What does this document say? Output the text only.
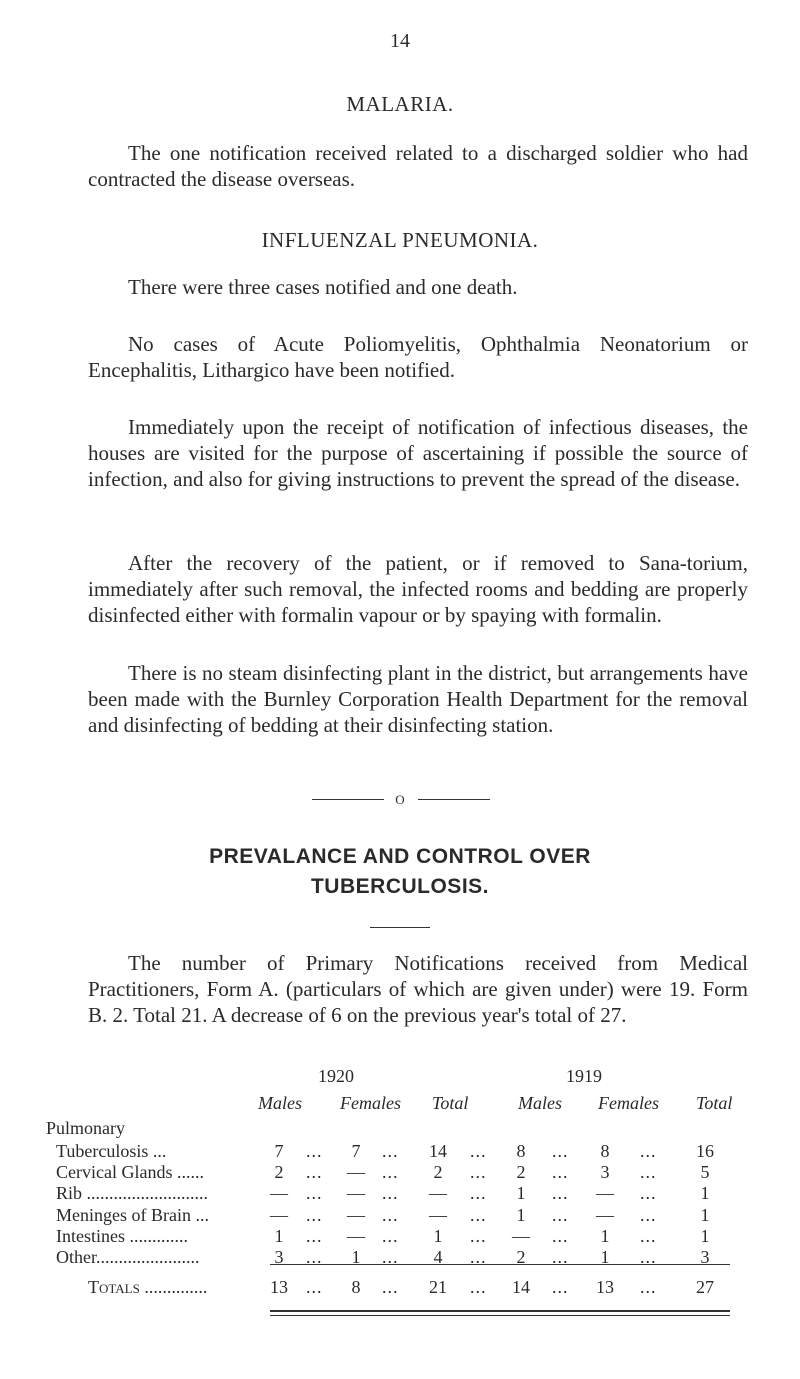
14
MALARIA.
The one notification received related to a discharged soldier who had contracted the disease overseas.
INFLUENZAL PNEUMONIA.
There were three cases notified and one death.
No cases of Acute Poliomyelitis, Ophthalmia Neonatorium or Encephalitis, Lithargico have been notified.
Immediately upon the receipt of notification of infectious diseases, the houses are visited for the purpose of ascertaining if possible the source of infection, and also for giving instructions to prevent the spread of the disease.
After the recovery of the patient, or if removed to Sana-torium, immediately after such removal, the infected rooms and bedding are properly disinfected either with formalin vapour or by spaying with formalin.
There is no steam disinfecting plant in the district, but arrangements have been made with the Burnley Corporation Health Department for the removal and disinfecting of bedding at their disinfecting station.
O
PREVALANCE AND CONTROL OVER
TUBERCULOSIS.
The number of Primary Notifications received from Medical Practitioners, Form A. (particulars of which are given under) were 19. Form B. 2. Total 21. A decrease of 6 on the previous year's total of 27.
1920	1919
Males Females Total	Males Females Total
Pulmonary
Tuberculosis ...	7	7	14	8	8	16
...	...	...	...	...
Cervical Glands ......	2	—	2	2	3	5
...	...	...	...	...
Rib ...........................	—	—	—	1	—	1
...	...	...	...	...
Meninges of Brain ...	—	—	—	1	—	1
...	...	...	...	...
Intestines .............	1	—	1	—	1	1
...	...	...	...	...
Other.......................	3	1	4	2	1	3
...	...	...	...	...
Totals ..............	13	8	21	14	13	27
...	...	...	...	...
